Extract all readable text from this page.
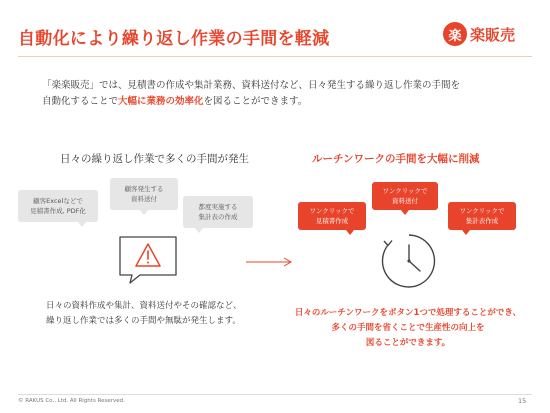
自動化により繰り返し作業の手間を軽減	楽 楽販売
「楽楽販売」では、見積書の作成や集計業務、資料送付など、日々発生する繰り返し作業の手間を
自動化することで大幅に業務の効率化を図ることができます。
日々の繰り返し作業で多くの手間が発生
顧客Excelなどで
見積書作成, PDF化
顧客発生する
資料送付
都度実施する
集計表の作成
日々の資料作成や集計、資料送付やその確認など、
繰り返し作業では多くの手間や無駄が発生します。
ルーチンワークの手間を大幅に削減
ワンクリックで
見積書作成
ワンクリックで
資料送付
ワンクリックで
集計表作成
日々のルーチンワークをボタン1つで処理することができ、
多くの手間を省くことで生産性の向上を
図ることができます。
© RAKUS Co., Ltd. All Rights Reserved.	15
